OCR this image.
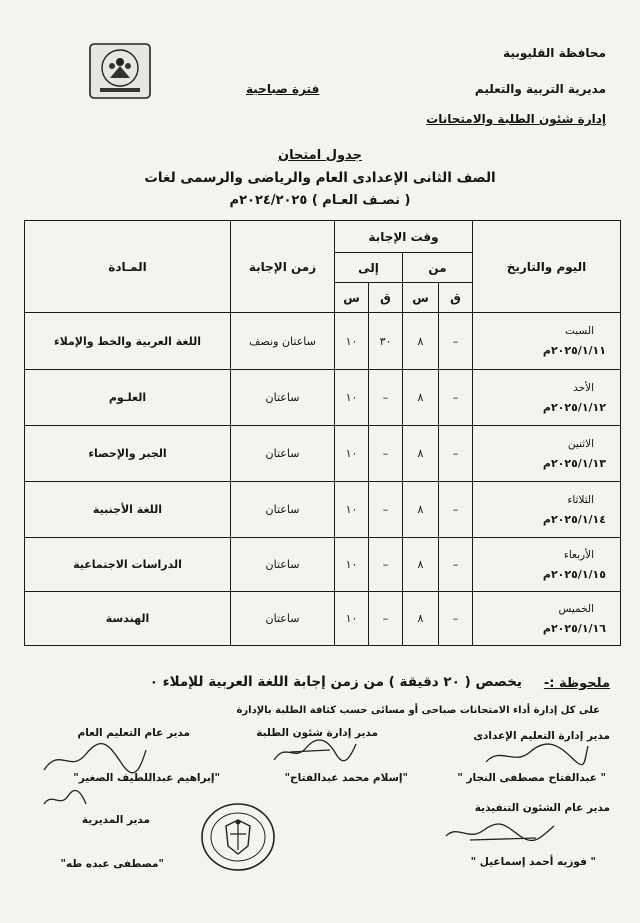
محافظة القليوبية
مديرية التربية والتعليم
إدارة شئون الطلبة والامتحانات
فترة صباحية
جدول امتحان
الصف الثانى الإعدادى العام والرياضى والرسمى لغات
( نصـف العـام ) ٢٠٢٤/٢٠٢٥م
اليوم والتاريخ	وقت الإجابة				زمن الإجابة	المـادة
	من		إلى			
	ق	س	ق	س		

السبت
٢٠٢٥/١/١١م	–	٨	٣٠	١٠	ساعتان ونصف	اللغة العربية والخط والإملاء

الأحد
٢٠٢٥/١/١٢م	–	٨	–	١٠	ساعتان	العلـوم

الاثنين
٢٠٢٥/١/١٣م	–	٨	–	١٠	ساعتان	الجبر والإحصاء

الثلاثاء
٢٠٢٥/١/١٤م	–	٨	–	١٠	ساعتان	اللغة الأجنبية

الأربعاء
٢٠٢٥/١/١٥م	–	٨	–	١٠	ساعتان	الدراسات الاجتماعية

الخميس
٢٠٢٥/١/١٦م	–	٨	–	١٠	ساعتان	الهندسة
ملحوظة :-
يخصص ( ٢٠ دقيقة ) من زمن إجابة اللغة العربية للإملاء ٠
على كل إدارة أداء الامتحانات صباحى أو مسائى حسب كثافة الطلبة بالإدارة
مدير إدارة التعليم الإعدادى
مدير إدارة شئون الطلبة
مدير عام التعليم العام
" عبدالفتاح مصطفى النجار "
"إسلام محمد عبدالفتاح"
"إبراهيم عبداللطيف الصغير"
مدير عام الشئون التنفيذية
مدير المديرية
" فوزيه أحمد إسماعيل "
"مصطفى عبده طه"
